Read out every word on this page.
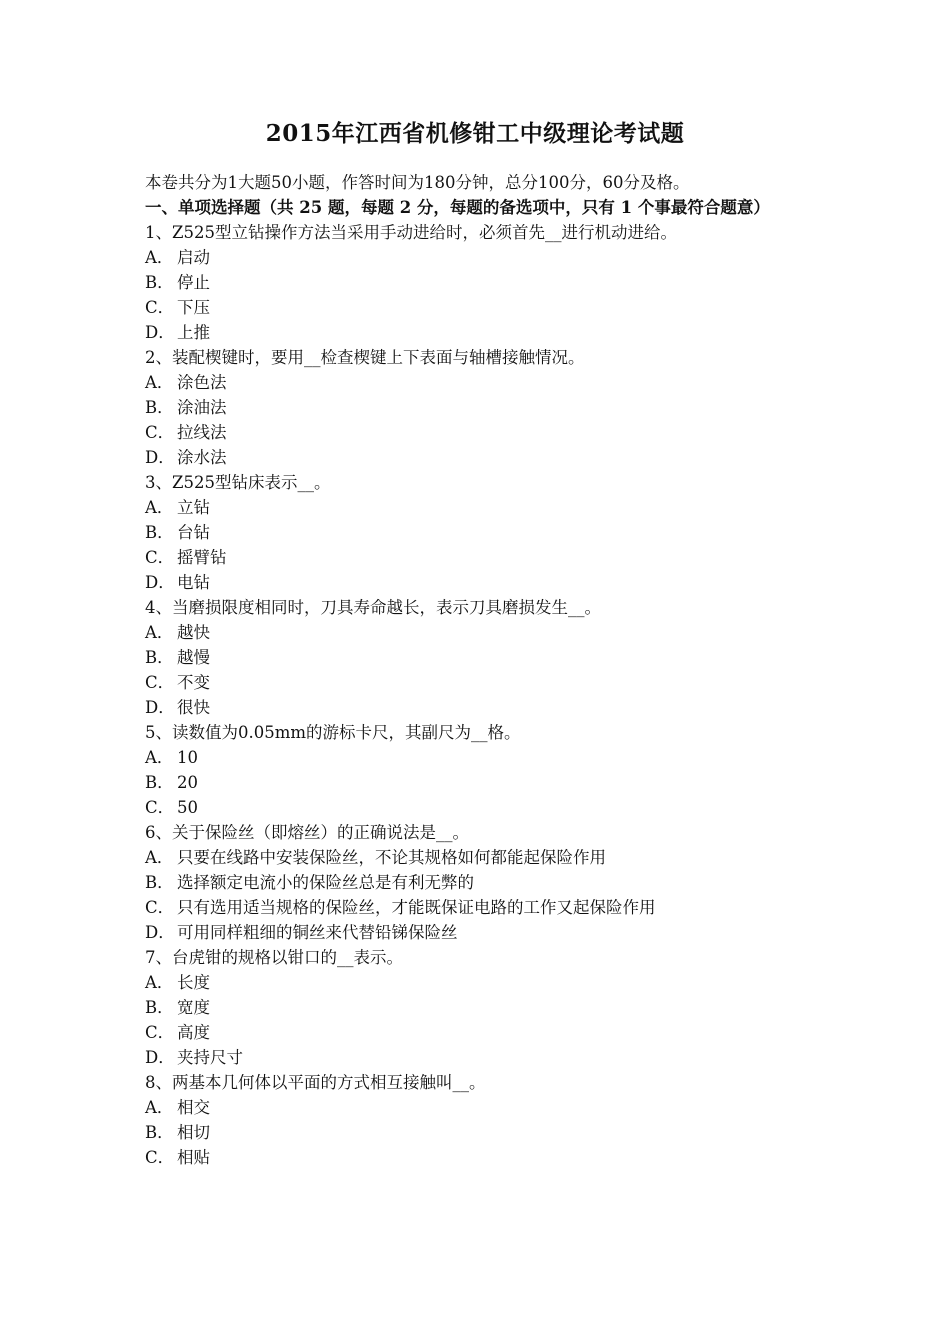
2015年江西省机修钳工中级理论考试题
本卷共分为1大题50小题，作答时间为180分钟，总分100分，60分及格。
一、单项选择题（共 25 题，每题 2 分，每题的备选项中，只有 1 个事最符合题意）
1、Z525型立钻操作方法当采用手动进给时，必须首先__进行机动进给。
A． 启动
B． 停止
C． 下压
D． 上推
2、装配楔键时，要用__检查楔键上下表面与轴槽接触情况。
A． 涂色法
B． 涂油法
C． 拉线法
D． 涂水法
3、Z525型钻床表示__。
A． 立钻
B． 台钻
C． 摇臂钻
D． 电钻
4、当磨损限度相同时，刀具寿命越长，表示刀具磨损发生__。
A． 越快
B． 越慢
C． 不变
D． 很快
5、读数值为0.05mm的游标卡尺，其副尺为__格。
A． 10
B． 20
C． 50
6、关于保险丝（即熔丝）的正确说法是__。
A． 只要在线路中安装保险丝，不论其规格如何都能起保险作用
B． 选择额定电流小的保险丝总是有利无弊的
C． 只有选用适当规格的保险丝，才能既保证电路的工作又起保险作用
D． 可用同样粗细的铜丝来代替铅锑保险丝
7、台虎钳的规格以钳口的__表示。
A． 长度
B． 宽度
C． 高度
D． 夹持尺寸
8、两基本几何体以平面的方式相互接触叫__。
A． 相交
B． 相切
C． 相贴
